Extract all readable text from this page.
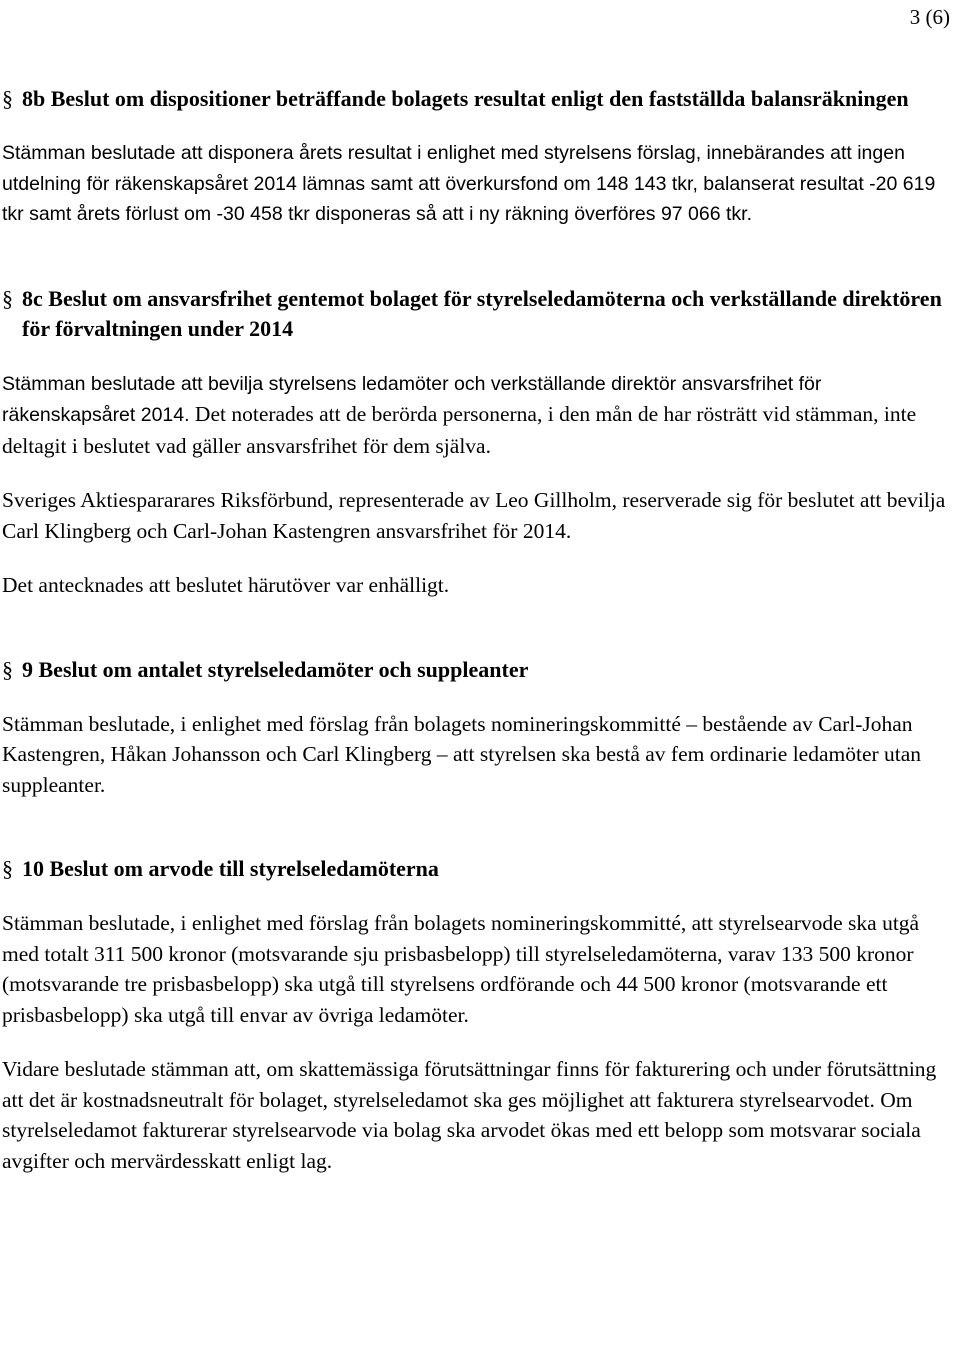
3 (6)

§ 8b Beslut om dispositioner beträffande bolagets resultat enligt den fastställda balansräkningen

Stämman beslutade att disponera årets resultat i enlighet med styrelsens förslag, innebärandes att ingen utdelning för räkenskapsåret 2014 lämnas samt att överkursfond om 148 143 tkr, balanserat resultat -20 619 tkr samt årets förlust om -30 458 tkr disponeras så att i ny räkning överföres 97 066 tkr.

§ 8c Beslut om ansvarsfrihet gentemot bolaget för styrelseledamöterna och verkställande direktören för förvaltningen under 2014

Stämman beslutade att bevilja styrelsens ledamöter och verkställande direktör ansvarsfrihet för räkenskapsåret 2014. Det noterades att de berörda personerna, i den mån de har rösträtt vid stämman, inte deltagit i beslutet vad gäller ansvarsfrihet för dem själva.

Sveriges Aktiespararares Riksförbund, representerade av Leo Gillholm, reserverade sig för beslutet att bevilja Carl Klingberg och Carl-Johan Kastengren ansvarsfrihet för 2014.

Det antecknades att beslutet härutöver var enhälligt.

§ 9 Beslut om antalet styrelseledamöter och suppleanter

Stämman beslutade, i enlighet med förslag från bolagets nomineringskommitté – bestående av Carl-Johan Kastengren, Håkan Johansson och Carl Klingberg – att styrelsen ska bestå av fem ordinarie ledamöter utan suppleanter.

§ 10 Beslut om arvode till styrelseledamöterna

Stämman beslutade, i enlighet med förslag från bolagets nomineringskommitté, att styrelsearvode ska utgå med totalt 311 500 kronor (motsvarande sju prisbasbelopp) till styrelseledamöterna, varav 133 500 kronor (motsvarande tre prisbasbelopp) ska utgå till styrelsens ordförande och 44 500 kronor (motsvarande ett prisbasbelopp) ska utgå till envar av övriga ledamöter.

Vidare beslutade stämman att, om skattemässiga förutsättningar finns för fakturering och under förutsättning att det är kostnadsneutralt för bolaget, styrelseledamot ska ges möjlighet att fakturera styrelsearvodet. Om styrelseledamot fakturerar styrelsearvode via bolag ska arvodet ökas med ett belopp som motsvarar sociala avgifter och mervärdesskatt enligt lag.
